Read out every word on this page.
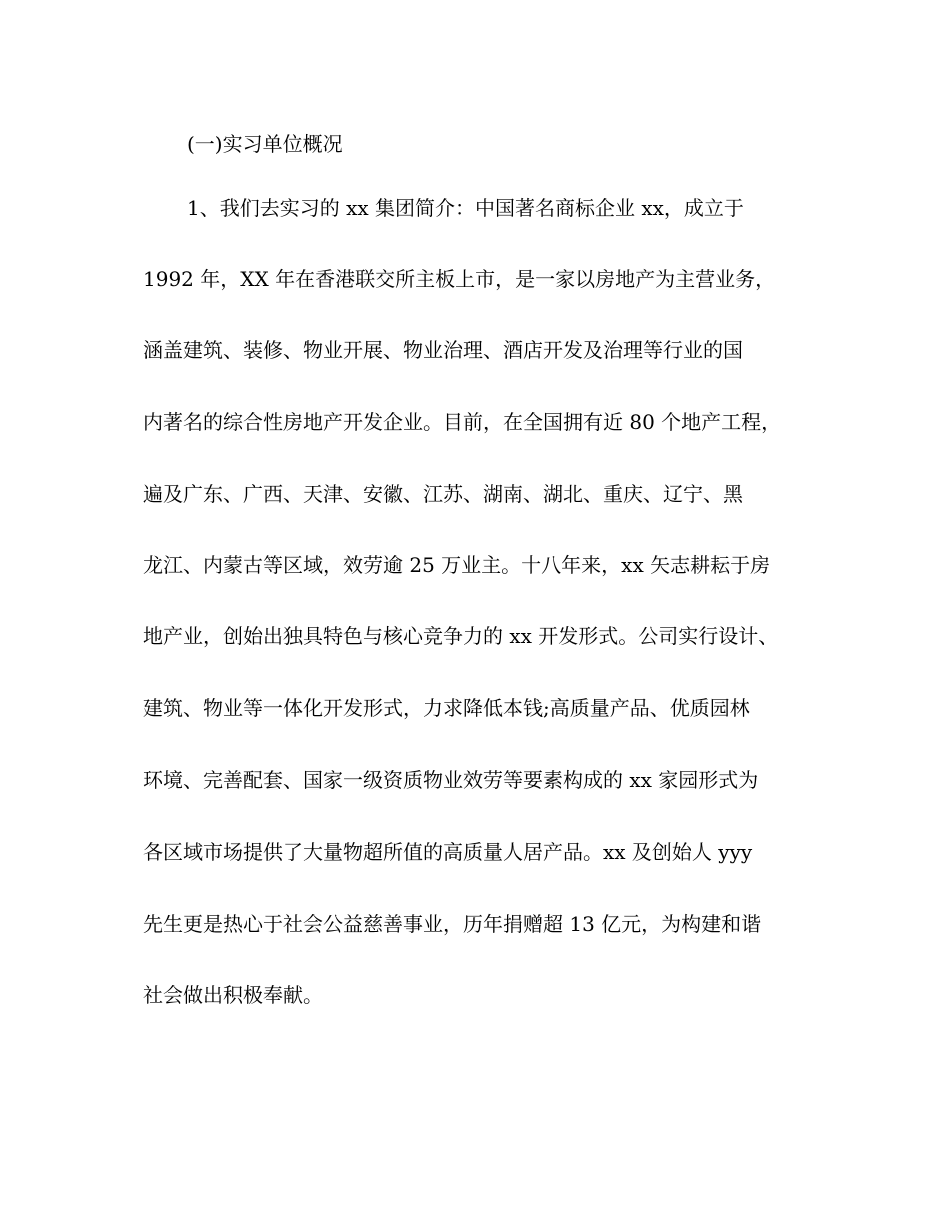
(一)实习单位概况
1、我们去实习的 xx 集团简介：中国著名商标企业 xx，成立于
1992 年，XX 年在香港联交所主板上市，是一家以房地产为主营业务，
涵盖建筑、装修、物业开展、物业治理、酒店开发及治理等行业的国
内著名的综合性房地产开发企业。目前，在全国拥有近 80 个地产工程，
遍及广东、广西、天津、安徽、江苏、湖南、湖北、重庆、辽宁、黑
龙江、内蒙古等区域，效劳逾 25 万业主。十八年来，xx 矢志耕耘于房
地产业，创始出独具特色与核心竞争力的 xx 开发形式。公司实行设计、
建筑、物业等一体化开发形式，力求降低本钱;高质量产品、优质园林
环境、完善配套、国家一级资质物业效劳等要素构成的 xx 家园形式为
各区域市场提供了大量物超所值的高质量人居产品。xx 及创始人 yyy
先生更是热心于社会公益慈善事业，历年捐赠超 13 亿元，为构建和谐
社会做出积极奉献。
